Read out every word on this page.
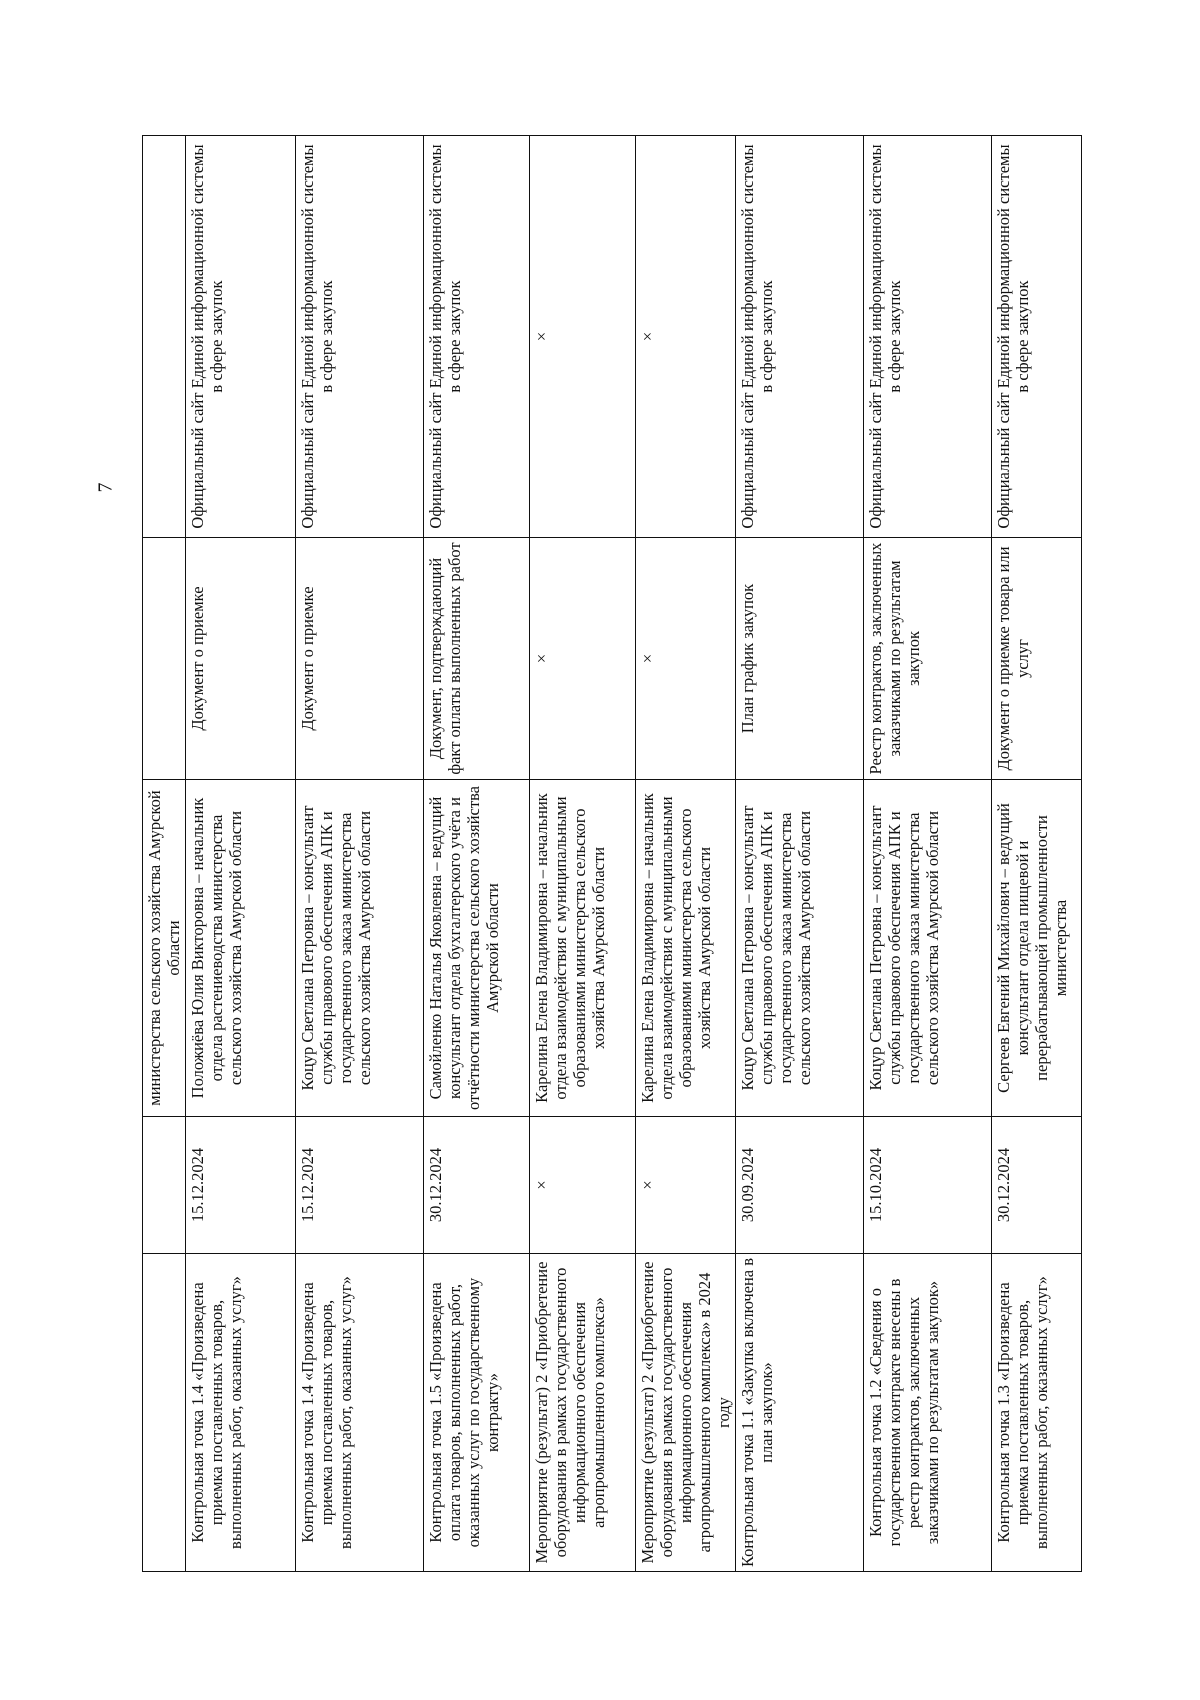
7
		министерства сельского хозяйства Амурской области		
Контрольная точка 1.4 «Произведена приемка поставленных товаров, выполненных работ, оказанных услуг»	15.12.2024	Положиёва Юлия Викторовна – начальник отдела растениеводства министерства сельского хозяйства Амурской области	Документ о приемке	Официальный сайт Единой информационной системы в сфере закупок
Контрольная точка 1.4 «Произведена приемка поставленных товаров, выполненных работ, оказанных услуг»	15.12.2024	Коцур Светлана Петровна – консультант службы правового обеспечения АПК и государственного заказа министерства сельского хозяйства Амурской области	Документ о приемке	Официальный сайт Единой информационной системы в сфере закупок
Контрольная точка 1.5 «Произведена оплата товаров, выполненных работ, оказанных услуг по государственному контракту»	30.12.2024	Самойленко Наталья Яковлевна – ведущий консультант отдела бухгалтерского учёта и отчётности министерства сельского хозяйства Амурской области	Документ, подтверждающий факт оплаты выполненных работ	Официальный сайт Единой информационной системы в сфере закупок
Мероприятие (результат) 2 «Приобретение оборудования в рамках государственного информационного обеспечения агропромышленного комплекса»	×	Карелина Елена Владимировна – начальник отдела взаимодействия с муниципальными образованиями министерства сельского хозяйства Амурской области	×	×
Мероприятие (результат) 2 «Приобретение оборудования в рамках государственного информационного обеспечения агропромышленного комплекса» в 2024 году	×	Карелина Елена Владимировна – начальник отдела взаимодействия с муниципальными образованиями министерства сельского хозяйства Амурской области	×	×
Контрольная точка 1.1 «Закупка включена в план закупок»	30.09.2024	Коцур Светлана Петровна – консультант службы правового обеспечения АПК и государственного заказа министерства сельского хозяйства Амурской области	План график закупок	Официальный сайт Единой информационной системы в сфере закупок
Контрольная точка 1.2 «Сведения о государственном контракте внесены в реестр контрактов, заключенных заказчиками по результатам закупок»	15.10.2024	Коцур Светлана Петровна – консультант службы правового обеспечения АПК и государственного заказа министерства сельского хозяйства Амурской области	Реестр контрактов, заключенных заказчиками по результатам закупок	Официальный сайт Единой информационной системы в сфере закупок
Контрольная точка 1.3 «Произведена приемка поставленных товаров, выполненных работ, оказанных услуг»	30.12.2024	Сергеев Евгений Михайлович – ведущий консультант отдела пищевой и перерабатывающей промышленности министерства	Документ о приемке товара или услуг	Официальный сайт Единой информационной системы в сфере закупок
